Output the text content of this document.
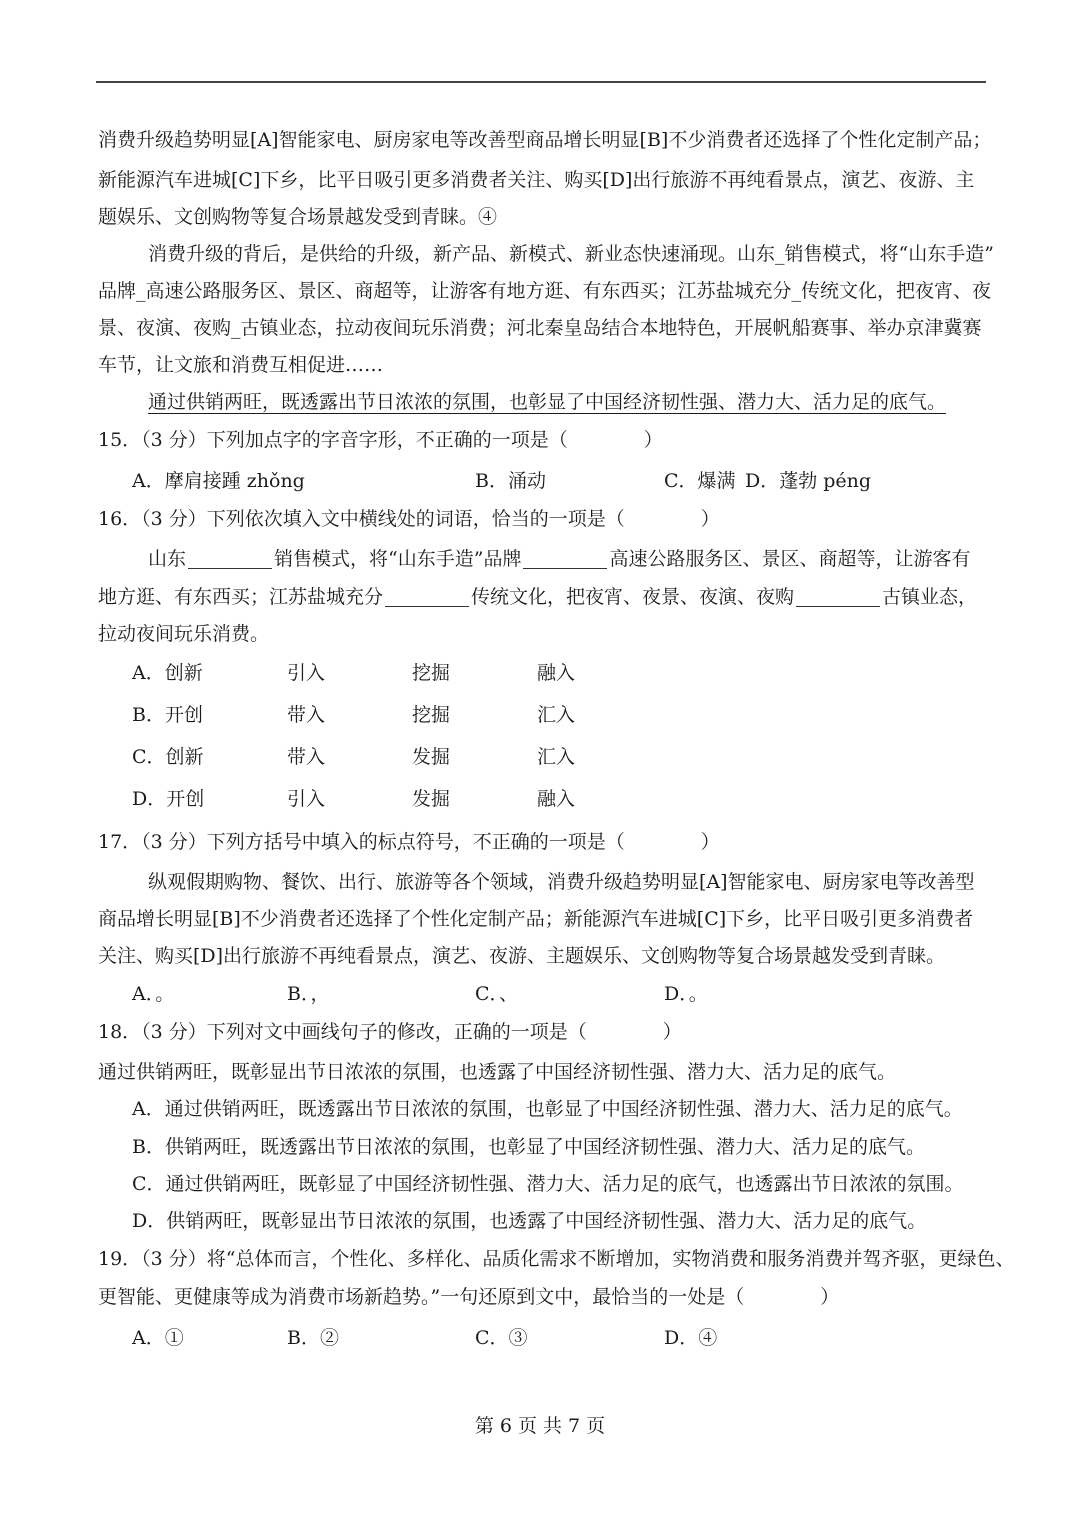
消费升级趋势明显[A]智能家电、厨房家电等改善型商品增长明显[B]不少消费者还选择了个性化定制产品；
新能源汽车进城[C]下乡，比平日吸引更多消费者关注、购买[D]出行旅游不再纯看景点，演艺、夜游、主
题娱乐、文创购物等复合场景越发受到青睐。④
消费升级的背后，是供给的升级，新产品、新模式、新业态快速涌现。山东_销售模式，将“山东手造”
品牌_高速公路服务区、景区、商超等，让游客有地方逛、有东西买；江苏盐城充分_传统文化，把夜宵、夜
景、夜演、夜购_古镇业态，拉动夜间玩乐消费；河北秦皇岛结合本地特色，开展帆船赛事、举办京津冀赛
车节，让文旅和消费互相促进……
通过供销两旺，既透露出节日浓浓的氛围，也彰显了中国经济韧性强、潜力大、活力足的底气。
15．（3 分）下列加点字的字音字形，不正确的一项是（　　　　）
A．摩肩接踵 zhǒng	B．涌动	C．爆满 D．蓬勃 péng
16．（3 分）下列依次填入文中横线处的词语，恰当的一项是（　　　　）
山东	销售模式，将“山东手造”品牌	高速公路服务区、景区、商超等，让游客有
地方逛、有东西买；江苏盐城充分	传统文化，把夜宵、夜景、夜演、夜购	古镇业态，
拉动夜间玩乐消费。
A．创新	引入	挖掘	融入
B．开创	带入	挖掘	汇入
C．创新	带入	发掘	汇入
D．开创	引入	发掘	融入
17．（3 分）下列方括号中填入的标点符号，不正确的一项是（　　　　）
纵观假期购物、餐饮、出行、旅游等各个领域，消费升级趋势明显[A]智能家电、厨房家电等改善型
商品增长明显[B]不少消费者还选择了个性化定制产品；新能源汽车进城[C]下乡，比平日吸引更多消费者
关注、购买[D]出行旅游不再纯看景点，演艺、夜游、主题娱乐、文创购物等复合场景越发受到青睐。
A．。	B．，	C．、	D．。
18．（3 分）下列对文中画线句子的修改，正确的一项是（　　　　）
通过供销两旺，既彰显出节日浓浓的氛围，也透露了中国经济韧性强、潜力大、活力足的底气。
A．通过供销两旺，既透露出节日浓浓的氛围，也彰显了中国经济韧性强、潜力大、活力足的底气。
B．供销两旺，既透露出节日浓浓的氛围，也彰显了中国经济韧性强、潜力大、活力足的底气。
C．通过供销两旺，既彰显了中国经济韧性强、潜力大、活力足的底气，也透露出节日浓浓的氛围。
D．供销两旺，既彰显出节日浓浓的氛围，也透露了中国经济韧性强、潜力大、活力足的底气。
19．（3 分）将“总体而言，个性化、多样化、品质化需求不断增加，实物消费和服务消费并驾齐驱，更绿色、
更智能、更健康等成为消费市场新趋势。”一句还原到文中，最恰当的一处是（　　　　）
A．①	B．②	C．③	D．④
第 6 页 共 7 页
